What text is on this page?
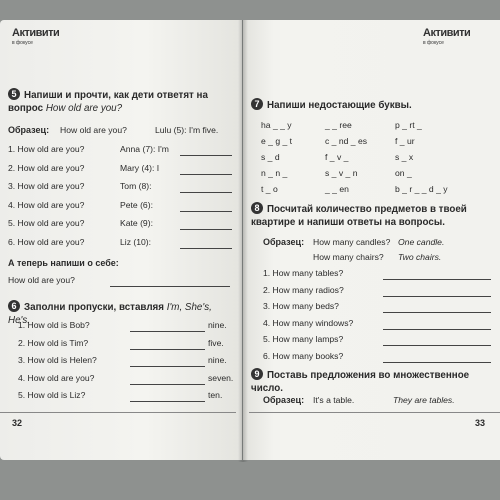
Активити
в фокусе
5 Напиши и прочти, как дети ответят на вопрос How old are you?
Образец: How old are you?	Lulu (5): I'm five.
1. How old are you?	Anna (7): I'm
2. How old are you?	Mary (4): I
3. How old are you?	Tom (8):
4. How old are you?	Pete (6):
5. How old are you?	Kate (9):
6. How old are you?	Liz (10):
А теперь напиши о себе:
How old are you?
6 Заполни пропуски, вставляя I'm, She's, He's.
1. How old is Bob?	nine.
2. How old is Tim?	five.
3. How old is Helen?	nine.
4. How old are you?	seven.
5. How old is Liz?	ten.
32
Активити
в фокусе
7 Напиши недостающие буквы.
ha _ _ y	_ _ ree	p _ rt _
e _ g _ t	c _ nd _ es	f _ ur
s _ d	f _ v _	s _ x
n _ n _	s _ v _ n	on _
t _ o	_ _ en	b _ r _ _ d _ y
8 Посчитай количество предметов в твоей квартире и напиши ответы на вопросы.
Образец: How many candles? One candle.
How many chairs? Two chairs.
1. How many tables?
2. How many radios?
3. How many beds?
4. How many windows?
5. How many lamps?
6. How many books?
9 Поставь предложения во множественное число.
Образец: It's a table.	They are tables.
33
